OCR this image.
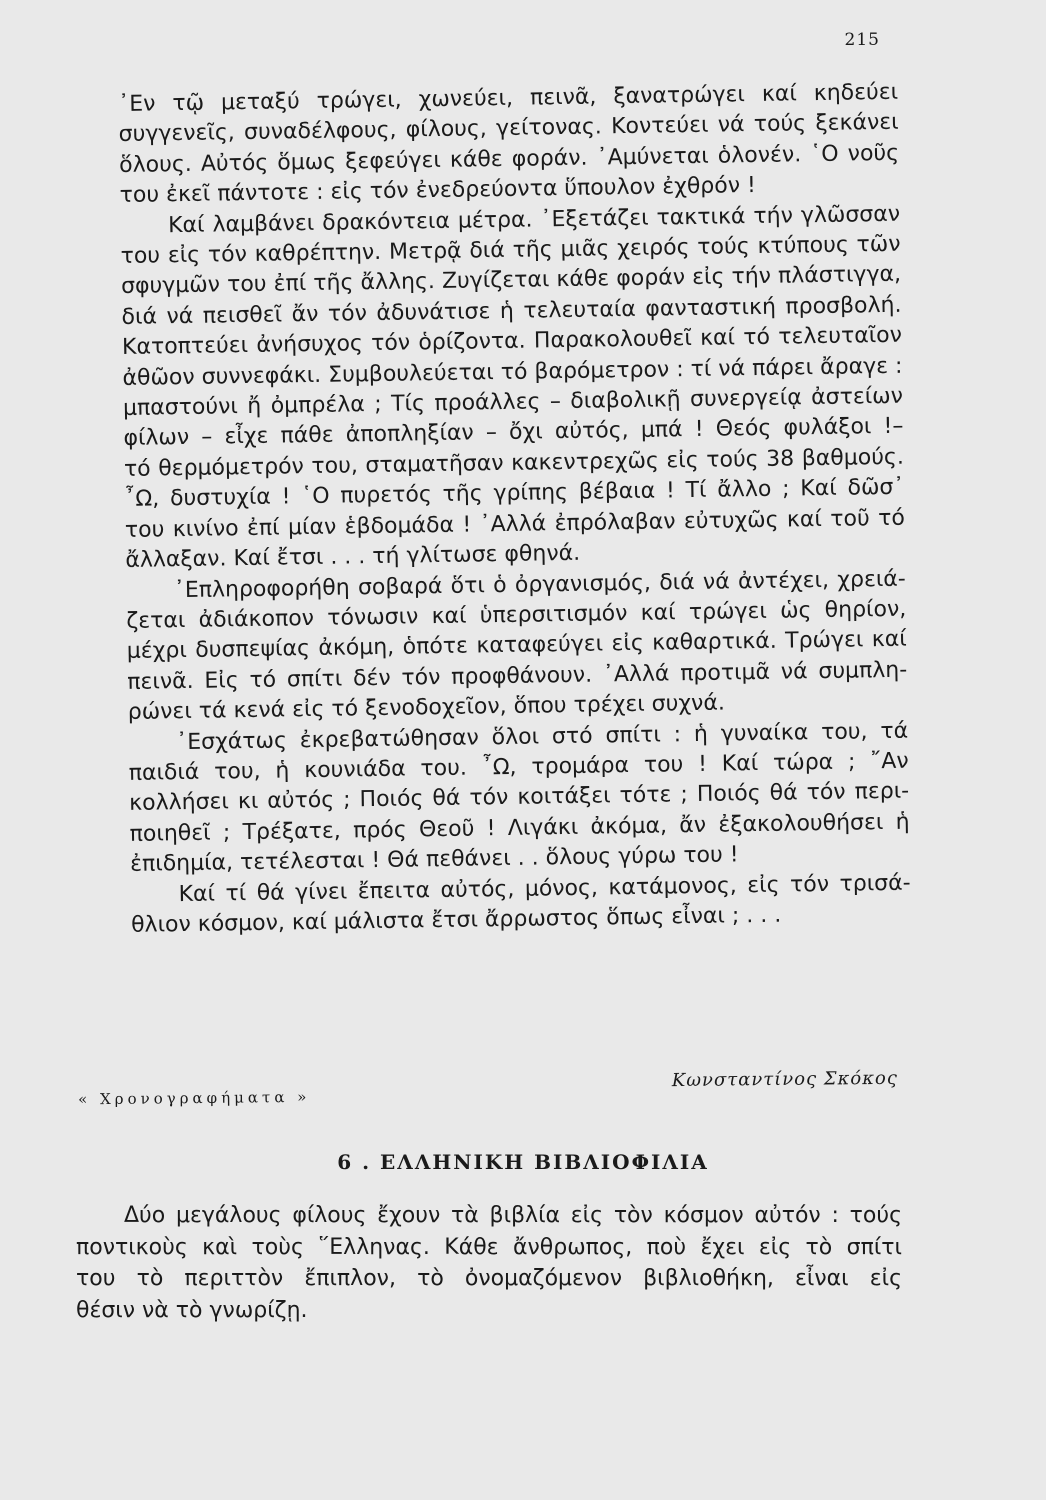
215
᾿Εν τῷ μεταξύ τρώγει, χωνεύει, πεινᾶ, ξανατρώγει καί κηδεύει
συγγενεῖς, συναδέλφους, φίλους, γείτονας. Κοντεύει νά τούς ξεκάνει
ὅλους. Αὐτός ὅμως ξεφεύγει κάθε φοράν. ᾿Αμύνεται ὁλονέν. ῾Ο νοῦς
του ἐκεῖ πάντοτε : εἰς τόν ἐνεδρεύοντα ὕπουλον ἐχθρόν !
Καί λαμβάνει δρακόντεια μέτρα. ᾿Εξετάζει τακτικά τήν γλῶσσαν
του εἰς τόν καθρέπτην. Μετρᾷ διά τῆς μιᾶς χειρός τούς κτύπους τῶν
σφυγμῶν του ἐπί τῆς ἄλλης. Ζυγίζεται κάθε φοράν εἰς τήν πλάστιγγα,
διά νά πεισθεῖ ἄν τόν ἀδυνάτισε ἡ τελευταία φανταστική προσβολή.
Κατοπτεύει ἀνήσυχος τόν ὁρίζοντα. Παρακολουθεῖ καί τό τελευταῖον
ἀθῶον συννεφάκι. Συμβουλεύεται τό βαρόμετρον : τί νά πάρει ἄραγε :
μπαστούνι ἤ ὀμπρέλα ; Τίς προάλλες – διαβολικῇ συνεργείᾳ ἀστείων
φίλων – εἶχε πάθε ἀποπληξίαν – ὄχι αὐτός, μπά ! Θεός φυλάξοι !–
τό θερμόμετρόν του, σταματῆσαν κακεντρεχῶς εἰς τούς 38 βαθμούς.
῏Ω, δυστυχία ! ῾Ο πυρετός τῆς γρίπης βέβαια ! Τί ἄλλο ; Καί δῶσ᾿
του κινίνο ἐπί μίαν ἑβδομάδα ! ᾿Αλλά ἐπρόλαβαν εὐτυχῶς καί τοῦ τό
ἄλλαξαν. Καί ἔτσι . . . τή γλίτωσε φθηνά.
᾿Επληροφορήθη σοβαρά ὅτι ὁ ὀργανισμός, διά νά ἀντέχει, χρειά-
ζεται ἀδιάκοπον τόνωσιν καί ὑπερσιτισμόν καί τρώγει ὡς θηρίον,
μέχρι δυσπεψίας ἀκόμη, ὁπότε καταφεύγει εἰς καθαρτικά. Τρώγει καί
πεινᾶ. Εἰς τό σπίτι δέν τόν προφθάνουν. ᾿Αλλά προτιμᾶ νά συμπλη-
ρώνει τά κενά εἰς τό ξενοδοχεῖον, ὅπου τρέχει συχνά.
᾿Εσχάτως ἐκρεβατώθησαν ὅλοι στό σπίτι : ἡ γυναίκα του, τά
παιδιά του, ἡ κουνιάδα του. ῏Ω, τρομάρα του ! Καί τώρα ; ῎Αν
κολλήσει κι αὐτός ; Ποιός θά τόν κοιτάξει τότε ; Ποιός θά τόν περι-
ποιηθεῖ ; Τρέξατε, πρός Θεοῦ ! Λιγάκι ἀκόμα, ἄν ἐξακολουθήσει ἡ
ἐπιδημία, τετέλεσται ! Θά πεθάνει . . ὅλους γύρω του !
Καί τί θά γίνει ἔπειτα αὐτός, μόνος, κατάμονος, εἰς τόν τρισά-
θλιον κόσμον, καί μάλιστα ἔτσι ἄρρωστος ὅπως εἶναι ; . . .
« Χρονογραφήματα »
Κωνσταντίνος Σκόκος
6 . ΕΛΛΗΝΙΚΗ ΒΙΒΛΙΟΦΙΛΙΑ
Δύο μεγάλους φίλους ἔχουν τὰ βιβλία εἰς τὸν κόσμον αὐτόν : τούς
ποντικοὺς καὶ τοὺς ῞Ελληνας. Κάθε ἄνθρωπος, ποὺ ἔχει εἰς τὸ σπίτι
του τὸ περιττὸν ἔπιπλον, τὸ ὀνομαζόμενον βιβλιοθήκη, εἶναι εἰς
θέσιν νὰ τὸ γνωρίζῃ.
